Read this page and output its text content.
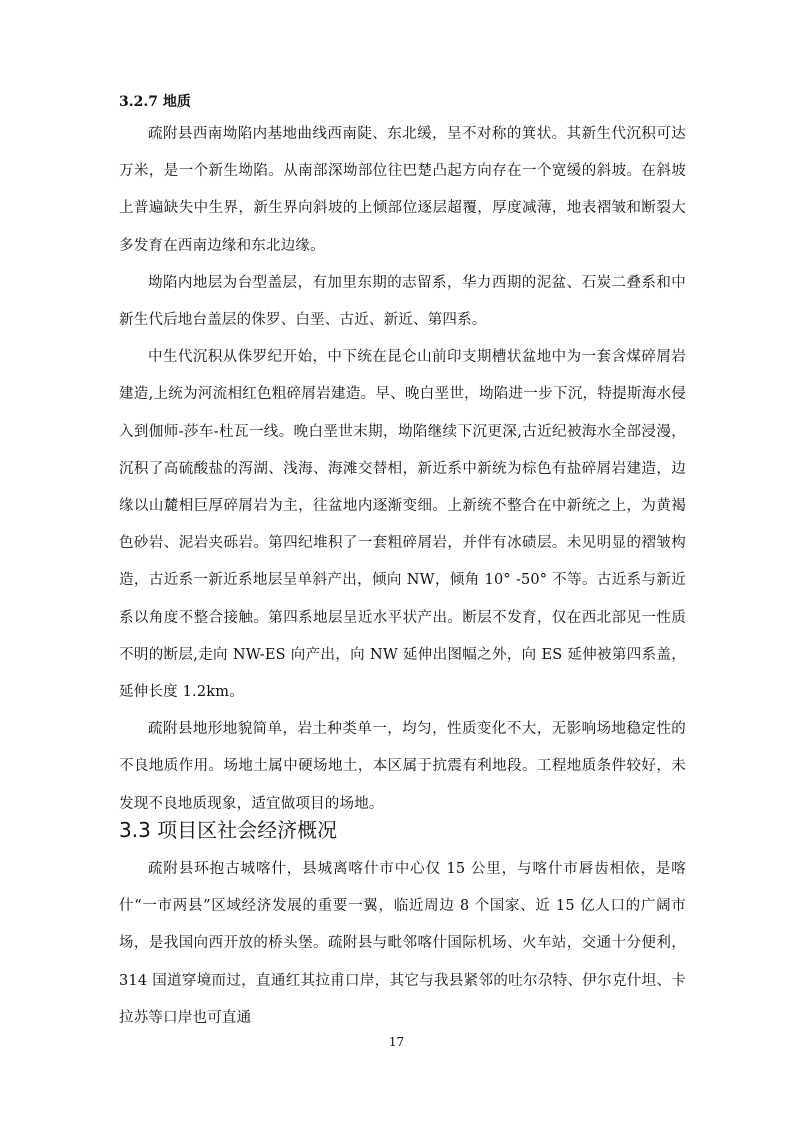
3.2.7 地质

疏附县西南坳陷内基地曲线西南陡、东北缓，呈不对称的箕状。其新生代沉积可达万米，是一个新生坳陷。从南部深坳部位往巴楚凸起方向存在一个宽缓的斜坡。在斜坡上普遍缺失中生界，新生界向斜坡的上倾部位逐层超覆，厚度减薄，地表褶皱和断裂大多发育在西南边缘和东北边缘。

坳陷内地层为台型盖层，有加里东期的志留系，华力西期的泥盆、石炭二叠系和中新生代后地台盖层的侏罗、白垩、古近、新近、第四系。

中生代沉积从侏罗纪开始，中下统在昆仑山前印支期槽状盆地中为一套含煤碎屑岩建造,上统为河流相红色粗碎屑岩建造。早、晚白垩世，坳陷进一步下沉，特提斯海水侵入到伽师-莎车-杜瓦一线。晚白垩世末期，坳陷继续下沉更深,古近纪被海水全部浸漫，沉积了高硫酸盐的泻湖、浅海、海滩交替相，新近系中新统为棕色有盐碎屑岩建造，边缘以山麓相巨厚碎屑岩为主，往盆地内逐渐变细。上新统不整合在中新统之上，为黄褐色砂岩、泥岩夹砾岩。第四纪堆积了一套粗碎屑岩，并伴有冰碛层。未见明显的褶皱构造，古近系一新近系地层呈单斜产出，倾向 NW，倾角 10° -50° 不等。古近系与新近系以角度不整合接触。第四系地层呈近水平状产出。断层不发育，仅在西北部见一性质不明的断层,走向 NW-ES 向产出，向 NW 延伸出图幅之外，向 ES 延伸被第四系盖，延伸长度 1.2km。

疏附县地形地貌简单，岩土种类单一，均匀，性质变化不大，无影响场地稳定性的不良地质作用。场地土属中硬场地土，本区属于抗震有利地段。工程地质条件较好，未发现不良地质现象，适宜做项目的场地。

3.3 项目区社会经济概况

疏附县环抱古城喀什，县城离喀什市中心仅 15 公里，与喀什市唇齿相依，是喀什“一市两县”区域经济发展的重要一翼，临近周边 8 个国家、近 15 亿人口的广阔市场，是我国向西开放的桥头堡。疏附县与毗邻喀什国际机场、火车站，交通十分便利，314 国道穿境而过，直通红其拉甫口岸，其它与我县紧邻的吐尔尕特、伊尔克什坦、卡拉苏等口岸也可直通

17
